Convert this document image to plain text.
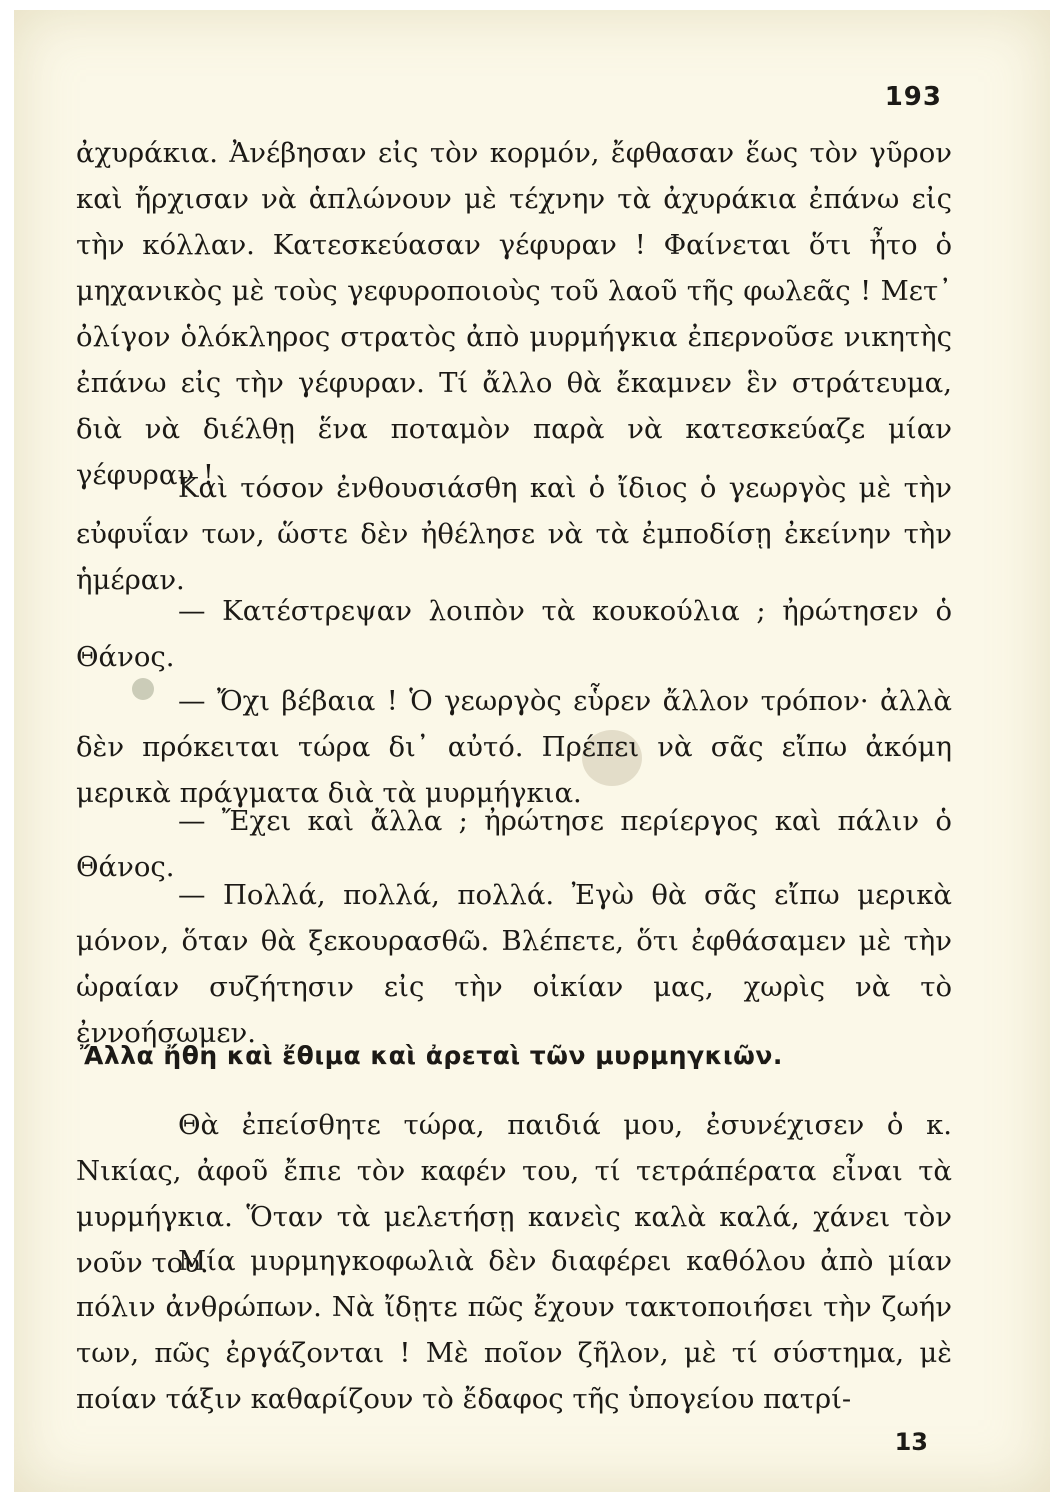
193

ἀχυράκια. Ἀνέβησαν εἰς τὸν κορμόν, ἔφθασαν ἕως τὸν γῦρον καὶ ἤρχισαν νὰ ἁπλώνουν μὲ τέχνην τὰ ἀχυράκια ἐπάνω εἰς τὴν κόλλαν. Κατεσκεύασαν γέφυραν ! Φαίνεται ὅτι ἦτο ὁ μηχανικὸς μὲ τοὺς γεφυροποιοὺς τοῦ λαοῦ τῆς φωλεᾶς ! Μετ᾽ ὀλίγον ὁλόκληρος στρατὸς ἀπὸ μυρμήγκια ἐπερνοῦσε νικητὴς ἐπάνω εἰς τὴν γέφυραν. Τί ἄλλο θὰ ἔκαμνεν ἓν στράτευμα, διὰ νὰ διέλθῃ ἕνα ποταμὸν παρὰ νὰ κατεσκεύαζε μίαν γέφυραν !

Καὶ τόσον ἐνθουσιάσθη καὶ ὁ ἴδιος ὁ γεωργὸς μὲ τὴν εὐφυΐαν των, ὥστε δὲν ἠθέλησε νὰ τὰ ἐμποδίσῃ ἐκείνην τὴν ἡμέραν.

— Κατέστρεψαν λοιπὸν τὰ κουκούλια ; ἠρώτησεν ὁ Θάνος.

— Ὄχι βέβαια ! Ὁ γεωργὸς εὗρεν ἄλλον τρόπον· ἀλλὰ δὲν πρόκειται τώρα δι᾽ αὐτό. Πρέπει νὰ σᾶς εἴπω ἀκόμη μερικὰ πράγματα διὰ τὰ μυρμήγκια.

— Ἔχει καὶ ἄλλα ; ἠρώτησε περίεργος καὶ πάλιν ὁ Θάνος.

— Πολλά, πολλά, πολλά. Ἐγὼ θὰ σᾶς εἴπω μερικὰ μόνον, ὅταν θὰ ξεκουρασθῶ. Βλέπετε, ὅτι ἐφθάσαμεν μὲ τὴν ὡραίαν συζήτησιν εἰς τὴν οἰκίαν μας, χωρὶς νὰ τὸ ἐννοήσωμεν.

Ἄλλα ἤθη καὶ ἔθιμα καὶ ἀρεταὶ τῶν μυρμηγκιῶν.

Θὰ ἐπείσθητε τώρα, παιδιά μου, ἐσυνέχισεν ὁ κ. Νικίας, ἀφοῦ ἔπιε τὸν καφέν του, τί τετράπέρατα εἶναι τὰ μυρμήγκια. Ὅταν τὰ μελετήσῃ κανεὶς καλὰ καλά, χάνει τὸν νοῦν του.

Μία μυρμηγκοφωλιὰ δὲν διαφέρει καθόλου ἀπὸ μίαν πόλιν ἀνθρώπων. Νὰ ἴδῃτε πῶς ἔχουν τακτοποιήσει τὴν ζωήν των, πῶς ἐργάζονται ! Μὲ ποῖον ζῆλον, μὲ τί σύστημα, μὲ ποίαν τάξιν καθαρίζουν τὸ ἔδαφος τῆς ὑπογείου πατρί-

13
